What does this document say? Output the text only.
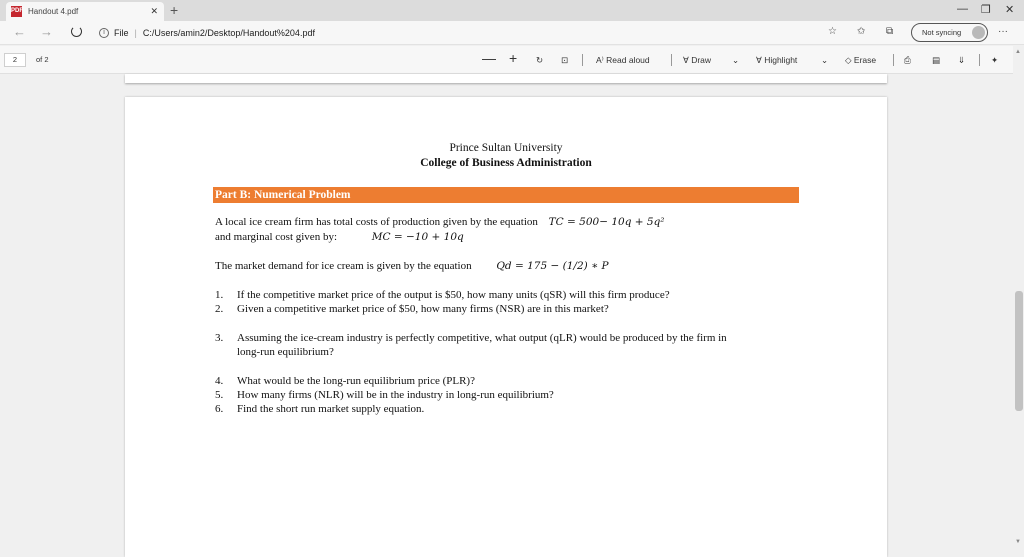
PDF Handout 4.pdf	✕ +	— ❐ ✕
← →	i	File | C:/Users/amin2/Desktop/Handout%204.pdf	☆ ✩ ⧉	Not syncing	···
2	of 2	— + ↻ ⊡	A⁾ Read aloud	∀ Draw ⌄ ∀ Highlight	⌄ ◇ Erase	⎙ ▤ ⇓	✦
▲
▼
Prince Sultan University
College of Business Administration
Part B: Numerical Problem
A local ice cream firm has total costs of production given by the equation TC = 500− 10q + 5q²
and marginal cost given by:	MC = −10 + 10q
The market demand for ice cream is given by the equation Qd = 175 − (1/2) ∗ P
1. If the competitive market price of the output is $50, how many units (qSR) will this firm produce?
2. Given a competitive market price of $50, how many firms (NSR) are in this market?
3. Assuming the ice-cream industry is perfectly competitive, what output (qLR) would be produced by the firm in
long-run equilibrium?
4. What would be the long-run equilibrium price (PLR)?
5. How many firms (NLR) will be in the industry in long-run equilibrium?
6. Find the short run market supply equation.
